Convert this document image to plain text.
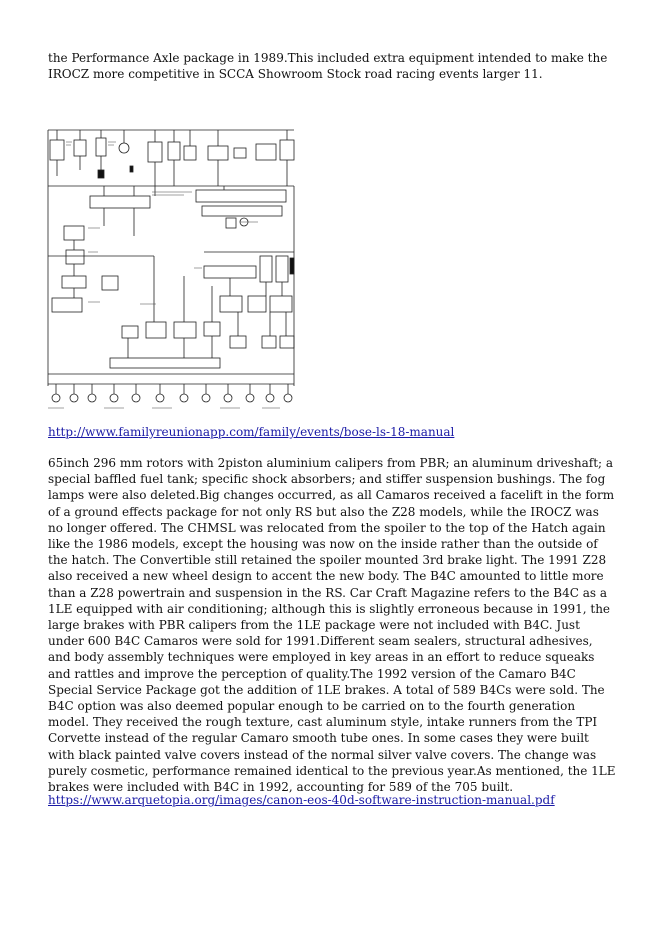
the Performance Axle package in 1989.This included extra equipment intended to make the IROCZ more competitive in SCCA Showroom Stock road racing events larger 11.

http://www.familyreunionapp.com/family/events/bose-ls-18-manual

65inch 296 mm rotors with 2piston aluminium calipers from PBR; an aluminum driveshaft; a special baffled fuel tank; specific shock absorbers; and stiffer suspension bushings. The fog lamps were also deleted.Big changes occurred, as all Camaros received a facelift in the form of a ground effects package for not only RS but also the Z28 models, while the IROCZ was no longer offered. The CHMSL was relocated from the spoiler to the top of the Hatch again like the 1986 models, except the housing was now on the inside rather than the outside of the hatch. The Convertible still retained the spoiler mounted 3rd brake light. The 1991 Z28 also received a new wheel design to accent the new body. The B4C amounted to little more than a Z28 powertrain and suspension in the RS. Car Craft Magazine refers to the B4C as a 1LE equipped with air conditioning; although this is slightly erroneous because in 1991, the large brakes with PBR calipers from the 1LE package were not included with B4C. Just under 600 B4C Camaros were sold for 1991.Different seam sealers, structural adhesives, and body assembly techniques were employed in key areas in an effort to reduce squeaks and rattles and improve the perception of quality.The 1992 version of the Camaro B4C Special Service Package got the addition of 1LE brakes. A total of 589 B4Cs were sold. The B4C option was also deemed popular enough to be carried on to the fourth generation model. They received the rough texture, cast aluminum style, intake runners from the TPI Corvette instead of the regular Camaro smooth tube ones. In some cases they were built with black painted valve covers instead of the normal silver valve covers. The change was purely cosmetic, performance remained identical to the previous year.As mentioned, the 1LE brakes were included with B4C in 1992, accounting for 589 of the 705 built.

https://www.arquetopia.org/images/canon-eos-40d-software-instruction-manual.pdf
